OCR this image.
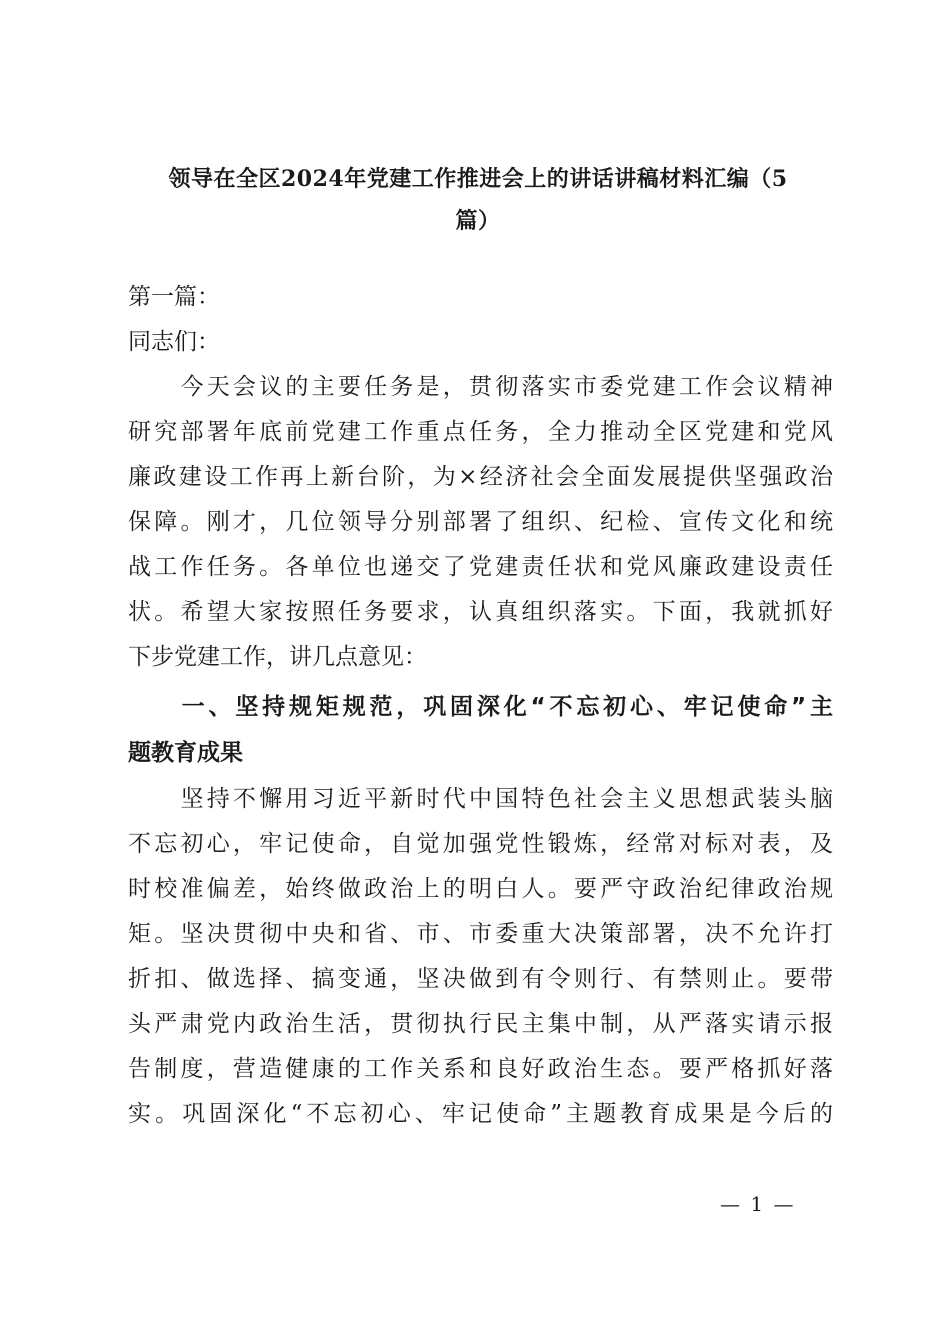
领导在全区2024年党建工作推进会上的讲话讲稿材料汇编（5
篇）
第一篇：
同志们：
　　今天会议的主要任务是，贯彻落实市委党建工作会议精神
研究部署年底前党建工作重点任务，全力推动全区党建和党风
廉政建设工作再上新台阶，为×经济社会全面发展提供坚强政治
保障。刚才，几位领导分别部署了组织、纪检、宣传文化和统
战工作任务。各单位也递交了党建责任状和党风廉政建设责任
状。希望大家按照任务要求，认真组织落实。下面，我就抓好
下步党建工作，讲几点意见：
　　一、坚持规矩规范，巩固深化“不忘初心、牢记使命”主
题教育成果
　　坚持不懈用习近平新时代中国特色社会主义思想武装头脑
不忘初心，牢记使命，自觉加强党性锻炼，经常对标对表，及
时校准偏差，始终做政治上的明白人。要严守政治纪律政治规
矩。坚决贯彻中央和省、市、市委重大决策部署，决不允许打
折扣、做选择、搞变通，坚决做到有令则行、有禁则止。要带
头严肃党内政治生活，贯彻执行民主集中制，从严落实请示报
告制度，营造健康的工作关系和良好政治生态。要严格抓好落
实。巩固深化“不忘初心、牢记使命”主题教育成果是今后的
— 1 —
